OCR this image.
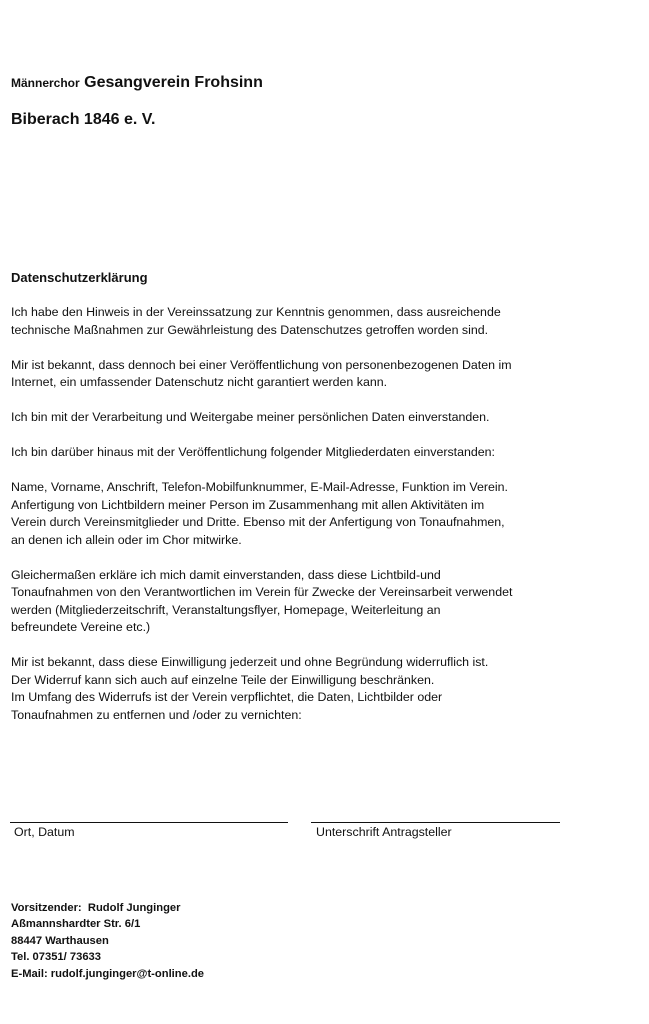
Männerchor Gesangverein Frohsinn
Biberach 1846 e. V.
Datenschutzerklärung

Ich habe den Hinweis in der Vereinssatzung zur Kenntnis genommen, dass ausreichende
technische Maßnahmen zur Gewährleistung des Datenschutzes getroffen worden sind.

Mir ist bekannt, dass dennoch bei einer Veröffentlichung von personenbezogenen Daten im
Internet, ein umfassender Datenschutz nicht garantiert werden kann.

Ich bin mit der Verarbeitung und Weitergabe meiner persönlichen Daten einverstanden.

Ich bin darüber hinaus mit der Veröffentlichung folgender Mitgliederdaten einverstanden:

Name, Vorname, Anschrift, Telefon-Mobilfunknummer, E-Mail-Adresse, Funktion im Verein.
Anfertigung von Lichtbildern meiner Person im Zusammenhang mit allen Aktivitäten im
Verein durch Vereinsmitglieder und Dritte. Ebenso mit der Anfertigung von Tonaufnahmen,
an denen ich allein oder im Chor mitwirke.

Gleichermaßen erkläre ich mich damit einverstanden, dass diese Lichtbild-und
Tonaufnahmen von den Verantwortlichen im Verein für Zwecke der Vereinsarbeit verwendet
werden (Mitgliederzeitschrift, Veranstaltungsflyer, Homepage, Weiterleitung an
befreundete Vereine etc.)

Mir ist bekannt, dass diese Einwilligung jederzeit und ohne Begründung widerruflich ist.
Der Widerruf kann sich auch auf einzelne Teile der Einwilligung beschränken.
Im Umfang des Widerrufs ist der Verein verpflichtet, die Daten, Lichtbilder oder
Tonaufnahmen zu entfernen und /oder zu vernichten:

Ort, Datum	Unterschrift Antragsteller
Vorsitzender:  Rudolf Junginger
Aßmannshardter Str. 6/1
88447 Warthausen
Tel. 07351/ 73633
E-Mail: rudolf.junginger@t-online.de
